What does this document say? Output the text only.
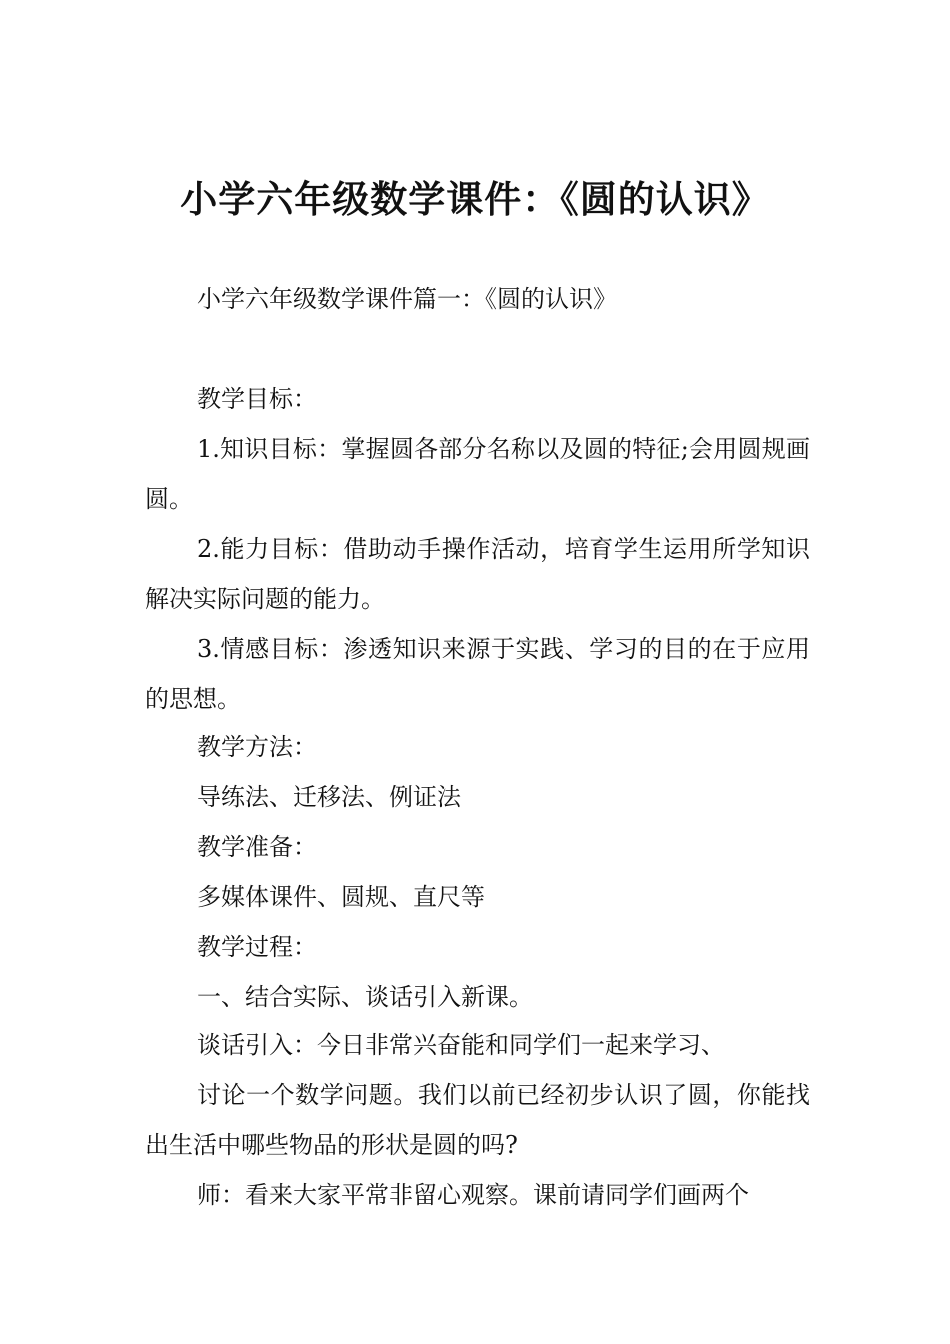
小学六年级数学课件：《圆的认识》

小学六年级数学课件篇一：《圆的认识》

教学目标：

1.知识目标：掌握圆各部分名称以及圆的特征;会用圆规画圆。

2.能力目标：借助动手操作活动，培育学生运用所学知识解决实际问题的能力。

3.情感目标：渗透知识来源于实践、学习的目的在于应用的思想。

教学方法：

导练法、迁移法、例证法

教学准备：

多媒体课件、圆规、直尺等

教学过程：

一、结合实际、谈话引入新课。

谈话引入：今日非常兴奋能和同学们一起来学习、

讨论一个数学问题。我们以前已经初步认识了圆，你能找出生活中哪些物品的形状是圆的吗?

师：看来大家平常非留心观察。课前请同学们画两个
